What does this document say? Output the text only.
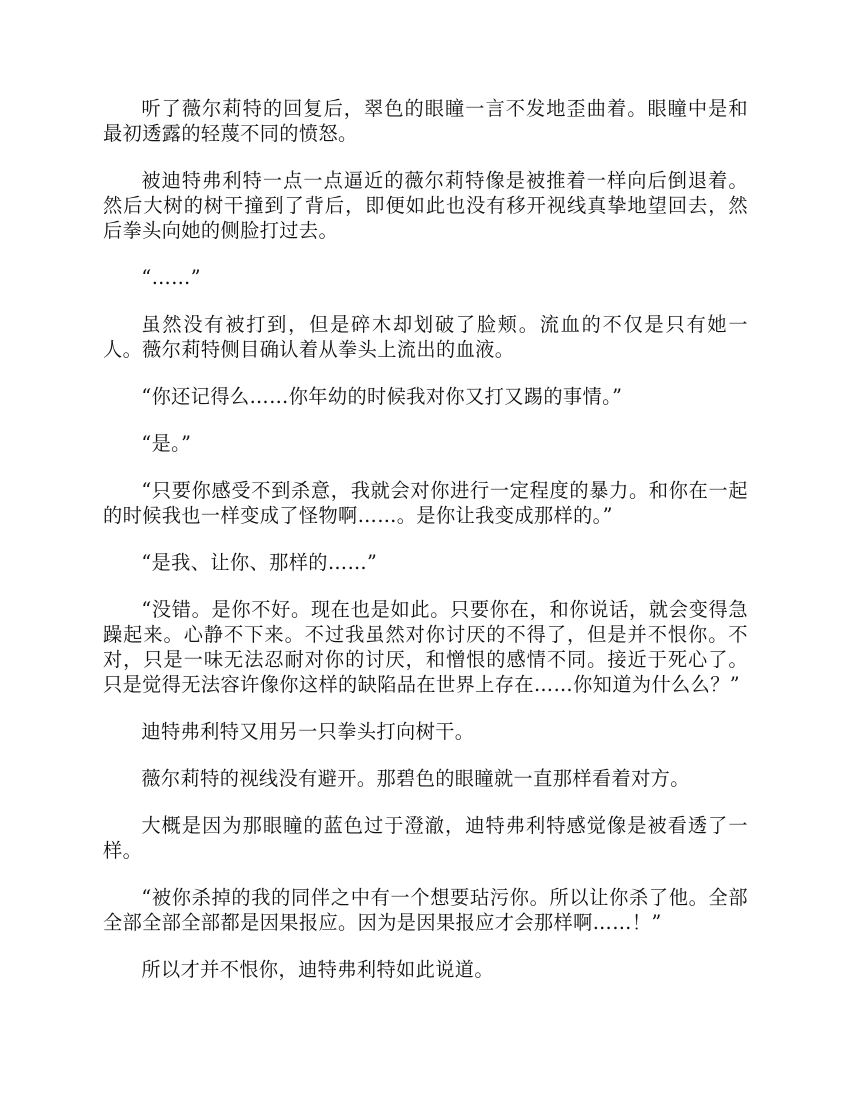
听了薇尔莉特的回复后，翠色的眼瞳一言不发地歪曲着。眼瞳中是和最初透露的轻蔑不同的愤怒。

被迪特弗利特一点一点逼近的薇尔莉特像是被推着一样向后倒退着。然后大树的树干撞到了背后，即便如此也没有移开视线真挚地望回去，然后拳头向她的侧脸打过去。

“……”

虽然没有被打到，但是碎木却划破了脸颊。流血的不仅是只有她一人。薇尔莉特侧目确认着从拳头上流出的血液。

“你还记得么……你年幼的时候我对你又打又踢的事情。”

“是。”

“只要你感受不到杀意，我就会对你进行一定程度的暴力。和你在一起的时候我也一样变成了怪物啊……。是你让我变成那样的。”

“是我、让你、那样的……”

“没错。是你不好。现在也是如此。只要你在，和你说话，就会变得急躁起来。心静不下来。不过我虽然对你讨厌的不得了，但是并不恨你。不对，只是一味无法忍耐对你的讨厌，和憎恨的感情不同。接近于死心了。只是觉得无法容许像你这样的缺陷品在世界上存在……你知道为什么么？”

迪特弗利特又用另一只拳头打向树干。

薇尔莉特的视线没有避开。那碧色的眼瞳就一直那样看着对方。

大概是因为那眼瞳的蓝色过于澄澈，迪特弗利特感觉像是被看透了一样。

“被你杀掉的我的同伴之中有一个想要玷污你。所以让你杀了他。全部全部全部全部都是因果报应。因为是因果报应才会那样啊……！”

所以才并不恨你，迪特弗利特如此说道。
